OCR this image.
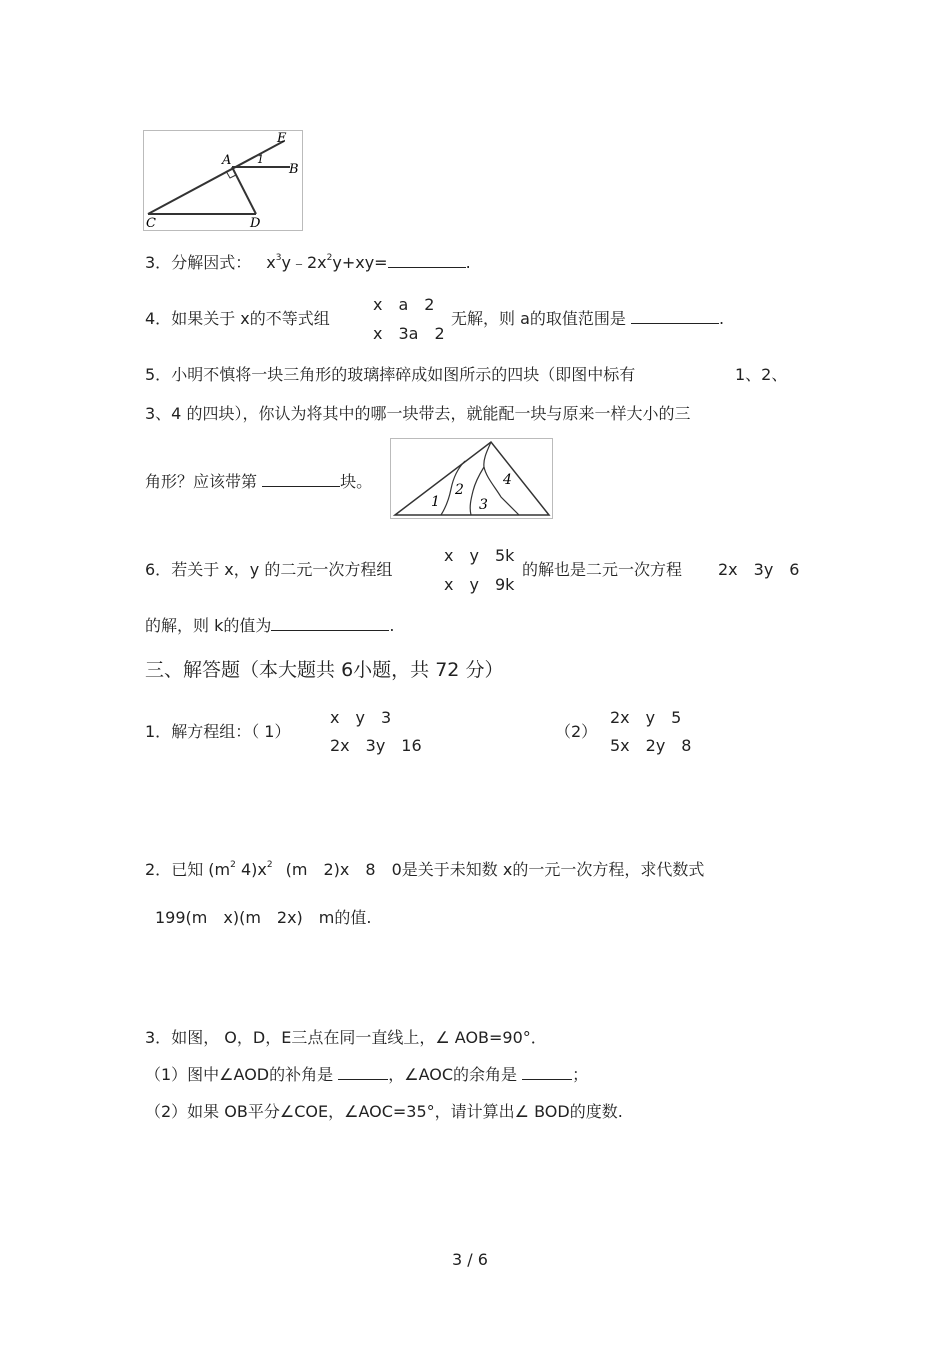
E
A 1
B
C	D
3．分解因式： $x^3y﹣2x^2y+xy=$	.
4．如果关于 x的不等式组
x　a　2
x　3a　2
无解，则 a的取值范围是	.
5．小明不慎将一块三角形的玻璃摔碎成如图所示的四块（即图中标有	1、2、
3、4 的四块），你认为将其中的哪一块带去，就能配一块与原来一样大小的三
角形？应该带第	块。
1
2
3
4
6．若关于 x，y 的二元一次方程组
x　y　5k
x　y　9k
的解也是二元一次方程 2x　3y　6
的解，则 k的值为	.
三、解答题（本大题共 6小题，共 72 分）
1．解方程组：（ 1）
x　y　3
2x　3y　16
（2）
2x　y　5
5x　2y　8
2．已知 ($m^2$ $4)x^2$ (m　2)x　8　0是关于未知数 x的一元一次方程，求代数式
199(m　x)(m　2x)　m的值.
3．如图， O，D，E三点在同一直线上，∠ AOB=90°．
（1）图中∠AOD的补角是	，∠AOC的余角是	；
（2）如果 OB平分∠COE，∠AOC=35°，请计算出∠ BOD的度数.
3 / 6
